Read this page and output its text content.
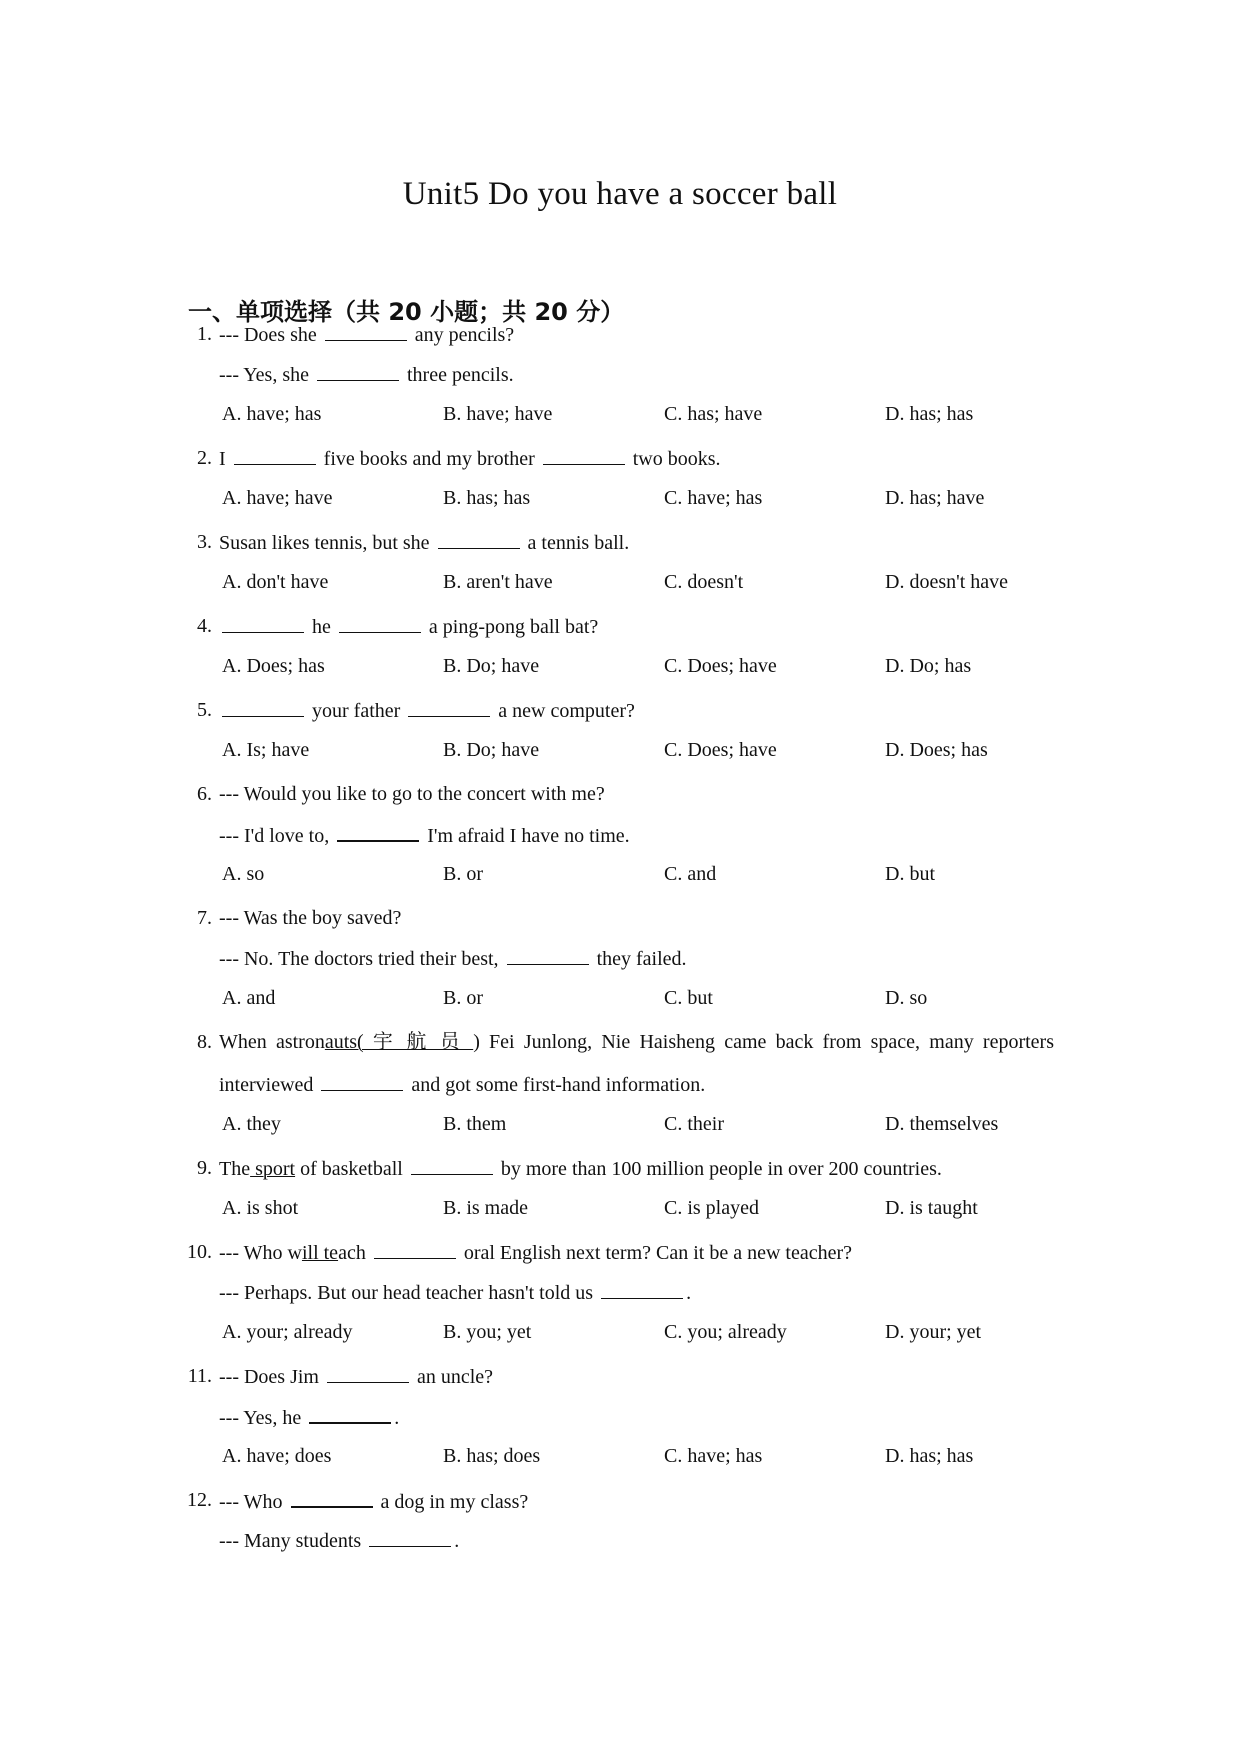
Unit5 Do you have a soccer ball
一、单项选择（共 20 小题；共 20 分）
1. --- Does she	any pencils?
--- Yes, she	three pencils.
A. have; has	B. have; have	C. has; have	D. has; has
2. I	five books and my brother	two books.
A. have; have	B. has; has	C. have; has	D. has; have
3. Susan likes tennis, but she	a tennis ball.
A. don't have	B. aren't have	C. doesn't	D. doesn't have
4.	he	a ping-pong ball bat?
A. Does; has	B. Do; have	C. Does; have	D. Do; has
5.	your father	a new computer?
A. Is; have	B. Do; have	C. Does; have	D. Does; has
6. --- Would you like to go to the concert with me?
--- I'd love to,	I'm afraid I have no time.
A. so	B. or	C. and	D. but
7. --- Was the boy saved?
--- No. The doctors tried their best,	they failed.
A. and	B. or	C. but	D. so
8. When astronauts( 宇 航 员 ) Fei Junlong, Nie Haisheng came back from space, many reporters
interviewed	and got some first-hand information.
A. they	B. them	C. their	D. themselves
9. The sport of basketball	by more than 100 million people in over 200 countries.
A. is shot	B. is made	C. is played	D. is taught
10. --- Who will teach	oral English next term? Can it be a new teacher?
--- Perhaps. But our head teacher hasn't told us	.
A. your; already	B. you; yet	C. you; already	D. your; yet
11. --- Does Jim	an uncle?
--- Yes, he	.
A. have; does	B. has; does	C. have; has	D. has; has
12. --- Who	a dog in my class?
--- Many students	.
